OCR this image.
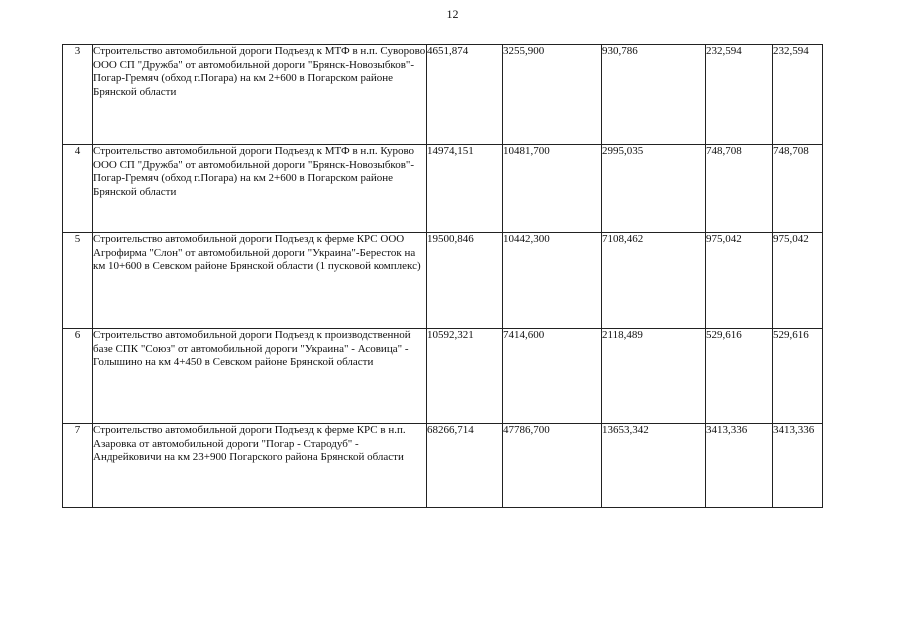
12
3	Строительство автомобильной дороги Подъезд к МТФ в н.п. Суворово ООО СП "Дружба" от автомобильной дороги "Брянск-Новозыбков"-Погар-Гремяч (обход г.Погара) на км 2+600 в Погарском районе Брянской области	4651,874	3255,900	930,786	232,594	232,594
4	Строительство автомобильной дороги Подъезд к МТФ в н.п. Курово ООО СП "Дружба" от автомобильной дороги "Брянск-Новозыбков"-Погар-Гремяч (обход г.Погара) на км 2+600 в Погарском районе Брянской области	14974,151	10481,700	2995,035	748,708	748,708
5	Строительство автомобильной дороги Подъезд к ферме КРС ООО Агрофирма "Слон" от автомобильной дороги "Украина"-Бересток на км 10+600 в Севском районе Брянской области (1 пусковой комплекс)	19500,846	10442,300	7108,462	975,042	975,042
6	Строительство автомобильной дороги Подъезд к производственной базе СПК "Союз" от автомобильной дороги "Украина" - Асовица" - Голышино на км 4+450 в Севском районе Брянской области	10592,321	7414,600	2118,489	529,616	529,616
7	Строительство автомобильной дороги Подъезд к ферме КРС в н.п. Азаровка от автомобильной дороги "Погар - Стародуб" - Андрейковичи на км 23+900 Погарского района Брянской области	68266,714	47786,700	13653,342	3413,336	3413,336
